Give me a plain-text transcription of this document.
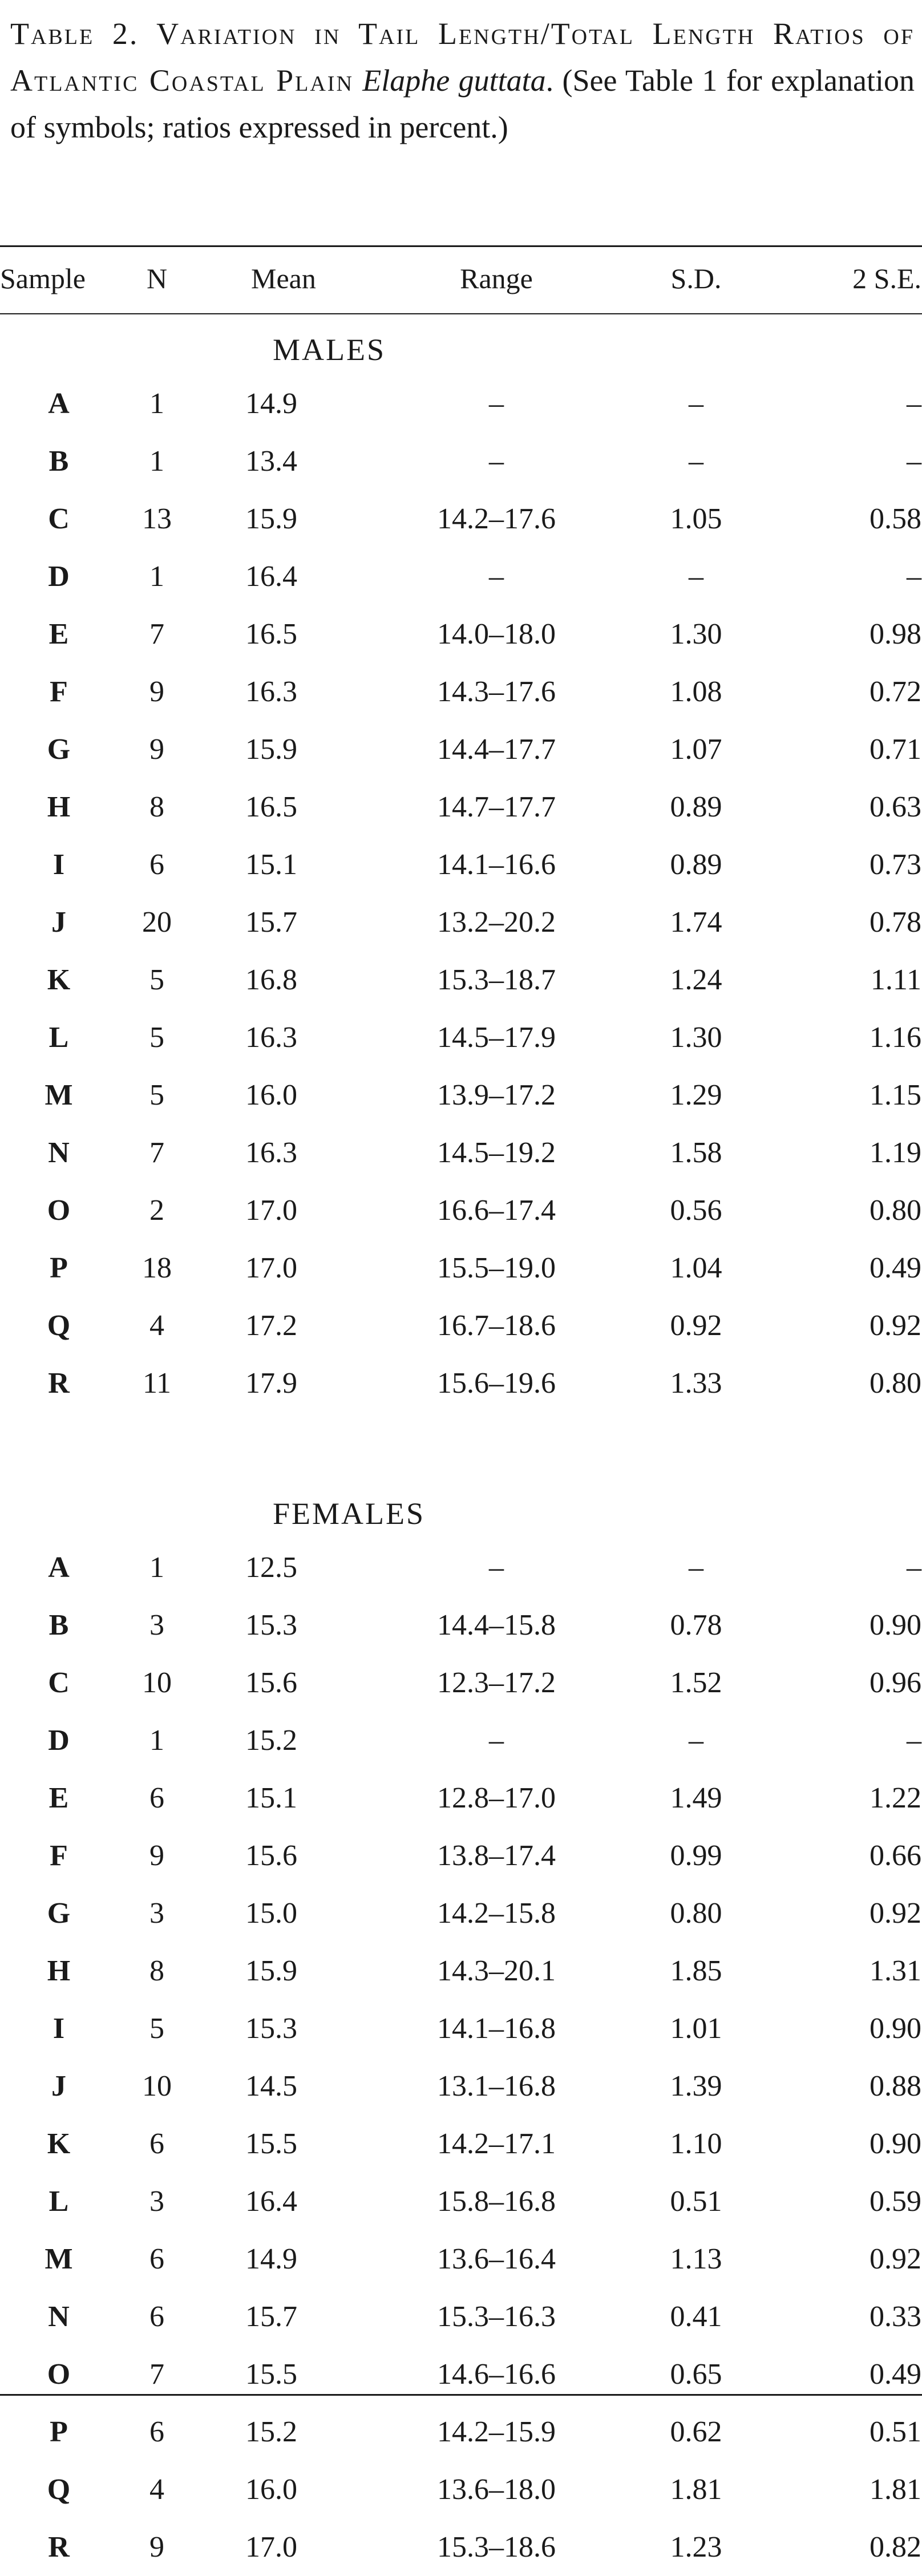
Table 2. Variation in Tail Length/Total Length Ratios of Atlantic Coastal Plain Elaphe guttata. (See Table 1 for explanation of symbols; ratios expressed in percent.)
Sample	N	Mean	Range	S.D.	2 S.E.
MALES
A	1	14.9	–	–	–
B	1	13.4	–	–	–
C	13	15.9	14.2–17.6	1.05	0.58
D	1	16.4	–	–	–
E	7	16.5	14.0–18.0	1.30	0.98
F	9	16.3	14.3–17.6	1.08	0.72
G	9	15.9	14.4–17.7	1.07	0.71
H	8	16.5	14.7–17.7	0.89	0.63
I	6	15.1	14.1–16.6	0.89	0.73
J	20	15.7	13.2–20.2	1.74	0.78
K	5	16.8	15.3–18.7	1.24	1.11
L	5	16.3	14.5–17.9	1.30	1.16
M	5	16.0	13.9–17.2	1.29	1.15
N	7	16.3	14.5–19.2	1.58	1.19
O	2	17.0	16.6–17.4	0.56	0.80
P	18	17.0	15.5–19.0	1.04	0.49
Q	4	17.2	16.7–18.6	0.92	0.92
R	11	17.9	15.6–19.6	1.33	0.80
FEMALES
A	1	12.5	–	–	–
B	3	15.3	14.4–15.8	0.78	0.90
C	10	15.6	12.3–17.2	1.52	0.96
D	1	15.2	–	–	–
E	6	15.1	12.8–17.0	1.49	1.22
F	9	15.6	13.8–17.4	0.99	0.66
G	3	15.0	14.2–15.8	0.80	0.92
H	8	15.9	14.3–20.1	1.85	1.31
I	5	15.3	14.1–16.8	1.01	0.90
J	10	14.5	13.1–16.8	1.39	0.88
K	6	15.5	14.2–17.1	1.10	0.90
L	3	16.4	15.8–16.8	0.51	0.59
M	6	14.9	13.6–16.4	1.13	0.92
N	6	15.7	15.3–16.3	0.41	0.33
O	7	15.5	14.6–16.6	0.65	0.49
P	6	15.2	14.2–15.9	0.62	0.51
Q	4	16.0	13.6–18.0	1.81	1.81
R	9	17.0	15.3–18.6	1.23	0.82
